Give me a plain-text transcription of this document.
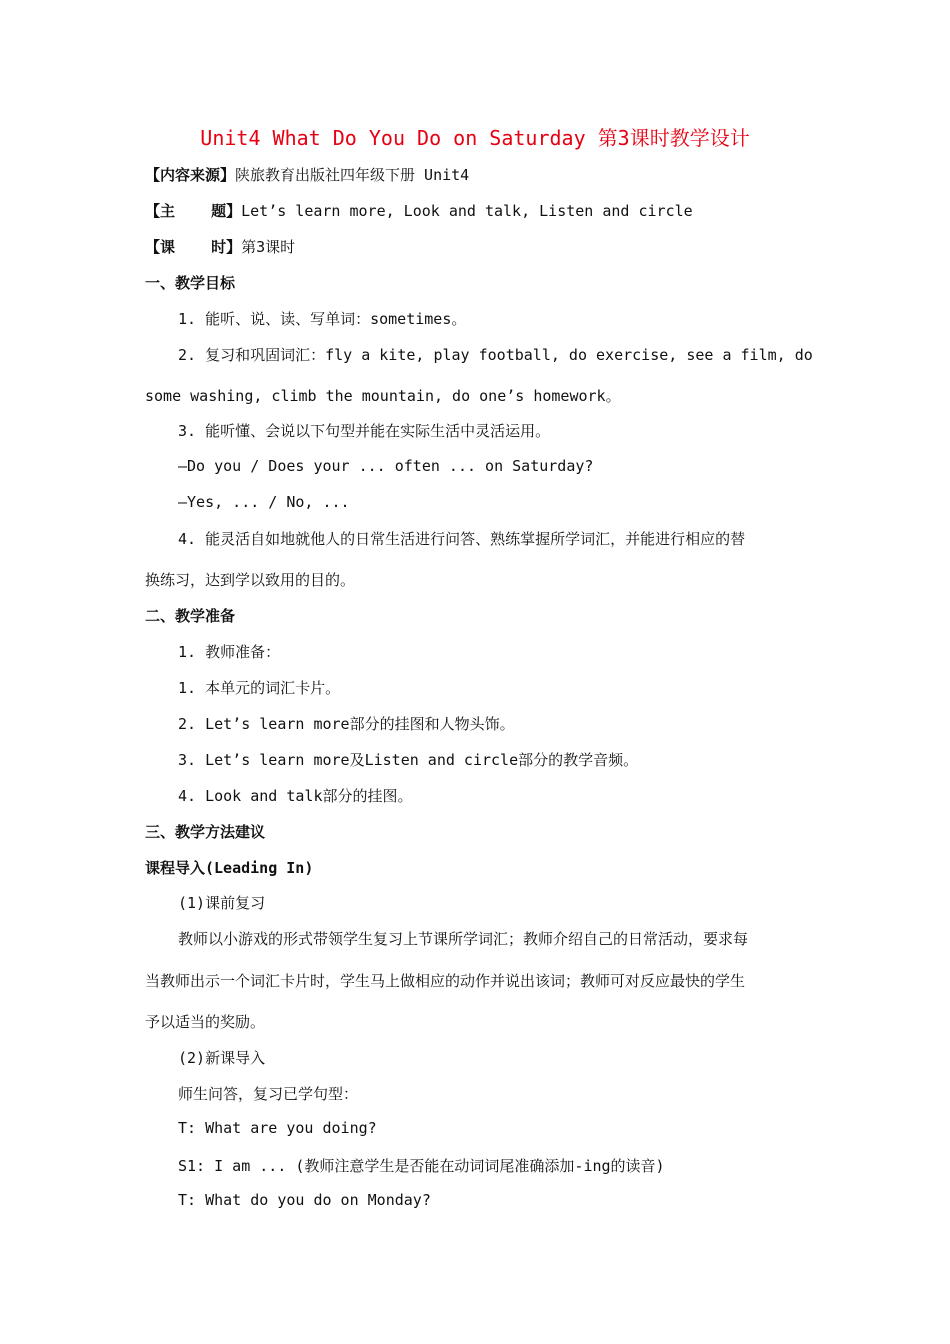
Unit4 What Do You Do on Saturday 第3课时教学设计
【内容来源】陕旅教育出版社四年级下册 Unit4
【主    题】Let’s learn more, Look and talk, Listen and circle
【课    时】第3课时
一、教学目标
1. 能听、说、读、写单词：sometimes。
2. 复习和巩固词汇：fly a kite, play football, do exercise, see a film, do
some washing, climb the mountain, do one’s homework。
3. 能听懂、会说以下句型并能在实际生活中灵活运用。
—Do you / Does your ... often ... on Saturday?
—Yes, ... / No, ...
4. 能灵活自如地就他人的日常生活进行问答、熟练掌握所学词汇，并能进行相应的替
换练习，达到学以致用的目的。
二、教学准备
1. 教师准备：
1. 本单元的词汇卡片。
2. Let’s learn more部分的挂图和人物头饰。
3. Let’s learn more及Listen and circle部分的教学音频。
4. Look and talk部分的挂图。
三、教学方法建议
课程导入(Leading In)
(1)课前复习
教师以小游戏的形式带领学生复习上节课所学词汇；教师介绍自己的日常活动，要求每
当教师出示一个词汇卡片时，学生马上做相应的动作并说出该词；教师可对反应最快的学生
予以适当的奖励。
(2)新课导入
师生问答，复习已学句型：
T: What are you doing?
S1: I am ... (教师注意学生是否能在动词词尾准确添加-ing的读音)
T: What do you do on Monday?
